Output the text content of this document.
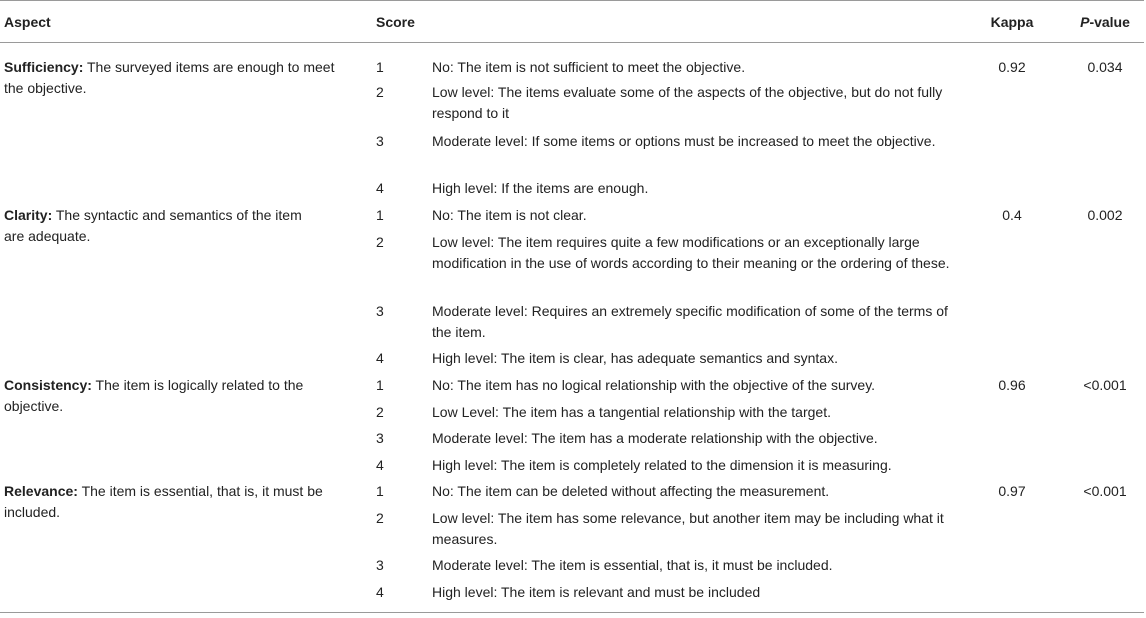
Aspect	Score	Kappa	P-value
Sufficiency: The surveyed items are enough to meet the objective.
0.92	0.034
1	No: The item is not sufficient to meet the objective.
2	Low level: The items evaluate some of the aspects of the objective, but do not fully respond to it
3	Moderate level: If some items or options must be increased to meet the objective.
4	High level: If the items are enough.
Clarity: The syntactic and semantics of the item are adequate.
0.4	0.002
1	No: The item is not clear.
2	Low level: The item requires quite a few modifications or an exceptionally large modification in the use of words according to their meaning or the ordering of these.
3	Moderate level: Requires an extremely specific modification of some of the terms of the item.
4	High level: The item is clear, has adequate semantics and syntax.
Consistency: The item is logically related to the objective.
0.96	<0.001
1	No: The item has no logical relationship with the objective of the survey.
2	Low Level: The item has a tangential relationship with the target.
3	Moderate level: The item has a moderate relationship with the objective.
4	High level: The item is completely related to the dimension it is measuring.
Relevance: The item is essential, that is, it must be included.
0.97	<0.001
1	No: The item can be deleted without affecting the measurement.
2	Low level: The item has some relevance, but another item may be including what it measures.
3	Moderate level: The item is essential, that is, it must be included.
4	High level: The item is relevant and must be included
